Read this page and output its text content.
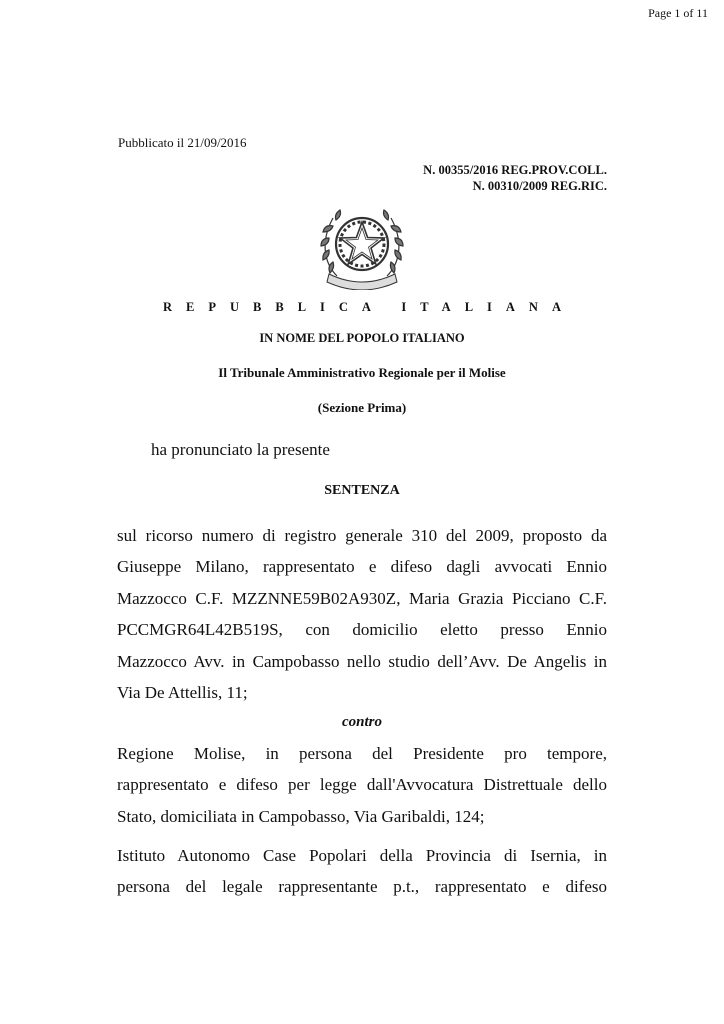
Page 1 of 11
Pubblicato il 21/09/2016
N. 00355/2016 REG.PROV.COLL.
N. 00310/2009 REG.RIC.
REPUBBLICA ITALIANA
IN NOME DEL POPOLO ITALIANO
Il Tribunale Amministrativo Regionale per il Molise
(Sezione Prima)
ha pronunciato la presente
SENTENZA
sul ricorso numero di registro generale 310 del 2009, proposto da
Giuseppe Milano, rappresentato e difeso dagli avvocati Ennio
Mazzocco C.F. MZZNNE59B02A930Z, Maria Grazia Picciano C.F.
PCCMGR64L42B519S, con domicilio eletto presso Ennio
Mazzocco Avv. in Campobasso nello studio dell’Avv. De Angelis in
Via De Attellis, 11;
contro
Regione Molise, in persona del Presidente pro tempore,
rappresentato e difeso per legge dall'Avvocatura Distrettuale dello
Stato, domiciliata in Campobasso, Via Garibaldi, 124;
Istituto Autonomo Case Popolari della Provincia di Isernia, in
persona del legale rappresentante p.t., rappresentato e difeso
